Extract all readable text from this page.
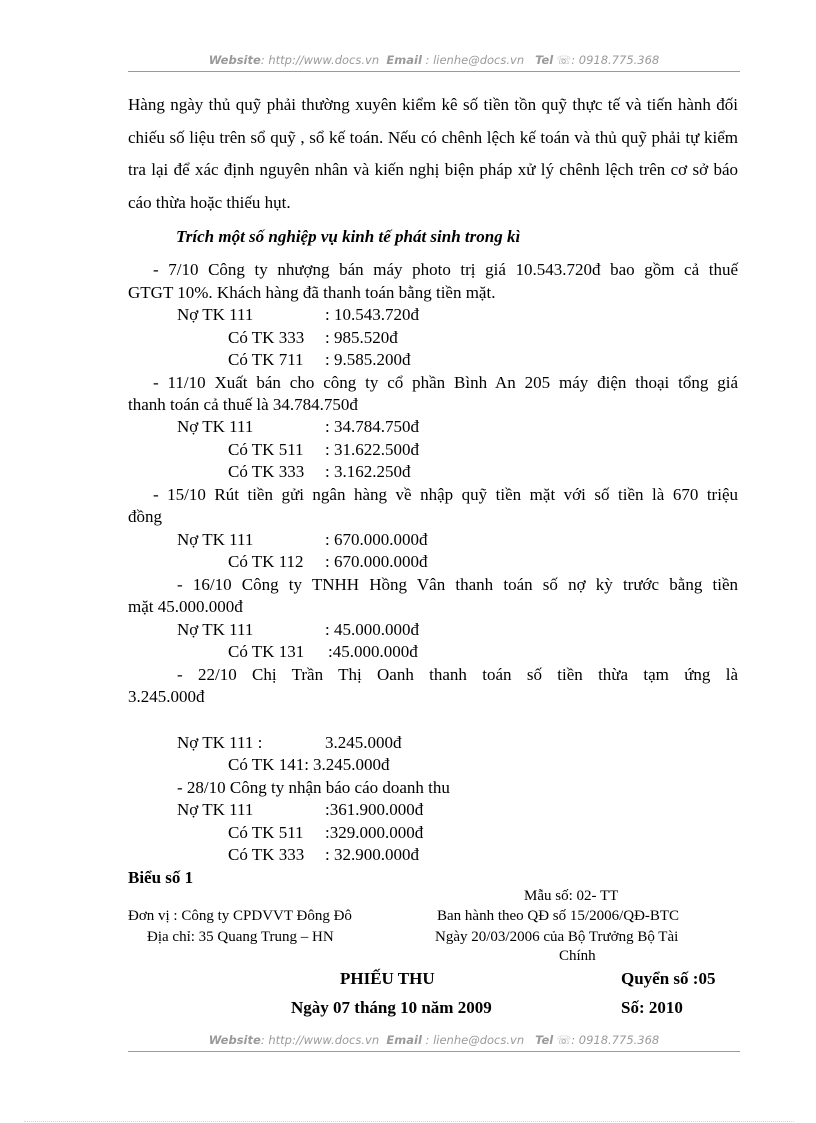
Website: http://www.docs.vn Email : lienhe@docs.vn Tel ☏: 0918.775.368
Hàng ngày thủ quỹ phải thường xuyên kiểm kê số tiền tồn quỹ thực tế và tiến hành đối chiếu số liệu trên sổ quỹ , sổ kế toán. Nếu có chênh lệch kế toán và thủ quỹ phải tự kiểm tra lại để xác định nguyên nhân và kiến nghị biện pháp xử lý chênh lệch trên cơ sở báo cáo thừa hoặc thiếu hụt.
Trích một số nghiệp vụ kinh tế phát sinh trong kì
- 7/10 Công ty nhượng bán máy photo trị giá 10.543.720đ bao gồm cả thuế
GTGT 10%. Khách hàng đã thanh toán bằng tiền mặt.
Nợ TK 111	: 10.543.720đ
Có TK 333 : 985.520đ
Có TK 711 : 9.585.200đ
- 11/10 Xuất bán cho công ty cổ phần Bình An 205 máy điện thoại tổng giá
thanh toán cả thuế là 34.784.750đ
Nợ TK 111	: 34.784.750đ
Có TK 511 : 31.622.500đ
Có TK 333 : 3.162.250đ
- 15/10 Rút tiền gửi ngân hàng về nhập quỹ tiền mặt với số tiền là 670 triệu
đồng
Nợ TK 111	: 670.000.000đ
Có TK 112 : 670.000.000đ
- 16/10 Công ty TNHH Hồng Vân thanh toán số nợ kỳ trước bằng tiền
mặt 45.000.000đ
Nợ TK 111	: 45.000.000đ
Có TK 131 :45.000.000đ
- 22/10 Chị Trần Thị Oanh thanh toán số tiền thừa tạm ứng là
3.245.000đ
Nợ TK 111 :	3.245.000đ
Có TK 141: 3.245.000đ
- 28/10 Công ty nhận báo cáo doanh thu
Nợ TK 111	:361.900.000đ
Có TK 511 :329.000.000đ
Có TK 333 : 32.900.000đ
Biểu số 1
Mẫu số: 02- TT
Đơn vị : Công ty CPDVVT Đông Đô	Ban hành theo QĐ số 15/2006/QĐ-BTC
Địa chỉ: 35 Quang Trung – HN	Ngày 20/03/2006 của Bộ Trưởng Bộ Tài
Chính
PHIẾU THU	Quyển số :05
Ngày 07 tháng 10 năm 2009	Số: 2010
Website: http://www.docs.vn Email : lienhe@docs.vn Tel ☏: 0918.775.368
